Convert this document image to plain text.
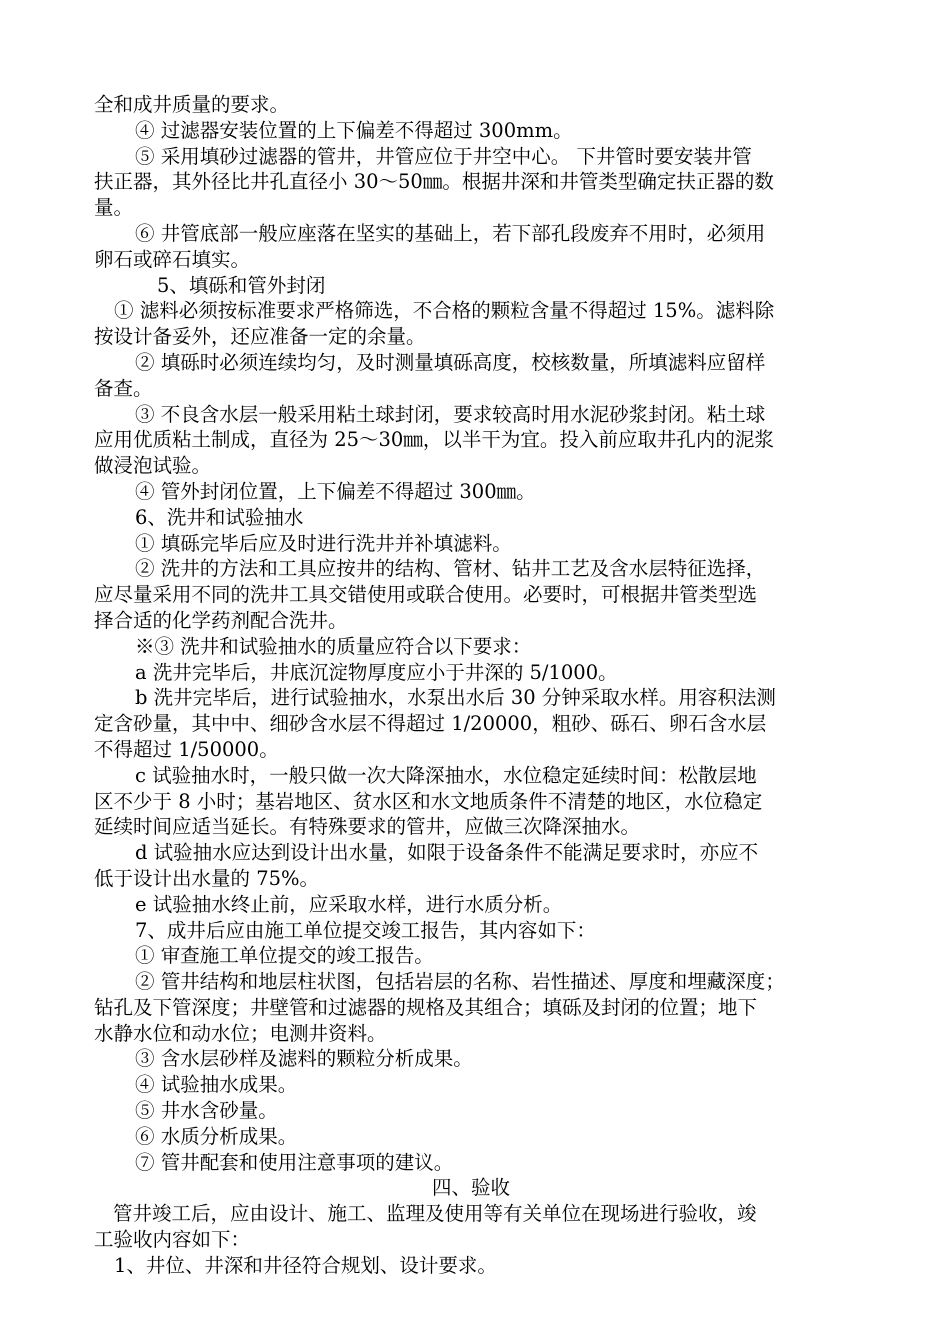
全和成井质量的要求。
④ 过滤器安装位置的上下偏差不得超过 300mm。
⑤ 采用填砂过滤器的管井，井管应位于井空中心。 下井管时要安装井管
扶正器，其外径比井孔直径小 30～50㎜。根据井深和井管类型确定扶正器的数
量。
⑥ 井管底部一般应座落在坚实的基础上，若下部孔段废弃不用时，必须用
卵石或碎石填实。
5、填砾和管外封闭
① 滤料必须按标准要求严格筛选，不合格的颗粒含量不得超过 15%。滤料除
按设计备妥外，还应准备一定的余量。
② 填砾时必须连续均匀，及时测量填砾高度，校核数量，所填滤料应留样
备查。
③ 不良含水层一般采用粘土球封闭，要求较高时用水泥砂浆封闭。粘土球
应用优质粘土制成，直径为 25～30㎜，以半干为宜。投入前应取井孔内的泥浆
做浸泡试验。
④ 管外封闭位置，上下偏差不得超过 300㎜。
6、洗井和试验抽水
① 填砾完毕后应及时进行洗井并补填滤料。
② 洗井的方法和工具应按井的结构、管材、钻井工艺及含水层特征选择，
应尽量采用不同的洗井工具交错使用或联合使用。必要时，可根据井管类型选
择合适的化学药剂配合洗井。
※③ 洗井和试验抽水的质量应符合以下要求：
a 洗井完毕后，井底沉淀物厚度应小于井深的 5/1000。
b 洗井完毕后，进行试验抽水，水泵出水后 30 分钟采取水样。用容积法测
定含砂量，其中中、细砂含水层不得超过 1/20000，粗砂、砾石、卵石含水层
不得超过 1/50000。
c 试验抽水时，一般只做一次大降深抽水，水位稳定延续时间：松散层地
区不少于 8 小时；基岩地区、贫水区和水文地质条件不清楚的地区，水位稳定
延续时间应适当延长。有特殊要求的管井，应做三次降深抽水。
d 试验抽水应达到设计出水量，如限于设备条件不能满足要求时，亦应不
低于设计出水量的 75%。
e 试验抽水终止前，应采取水样，进行水质分析。
7、成井后应由施工单位提交竣工报告，其内容如下：
① 审查施工单位提交的竣工报告。
② 管井结构和地层柱状图，包括岩层的名称、岩性描述、厚度和埋藏深度；
钻孔及下管深度；井壁管和过滤器的规格及其组合；填砾及封闭的位置；地下
水静水位和动水位；电测井资料。
③ 含水层砂样及滤料的颗粒分析成果。
④ 试验抽水成果。
⑤ 井水含砂量。
⑥ 水质分析成果。
⑦ 管井配套和使用注意事项的建议。
四、验收
管井竣工后，应由设计、施工、监理及使用等有关单位在现场进行验收，竣
工验收内容如下：
1、井位、井深和井径符合规划、设计要求。
